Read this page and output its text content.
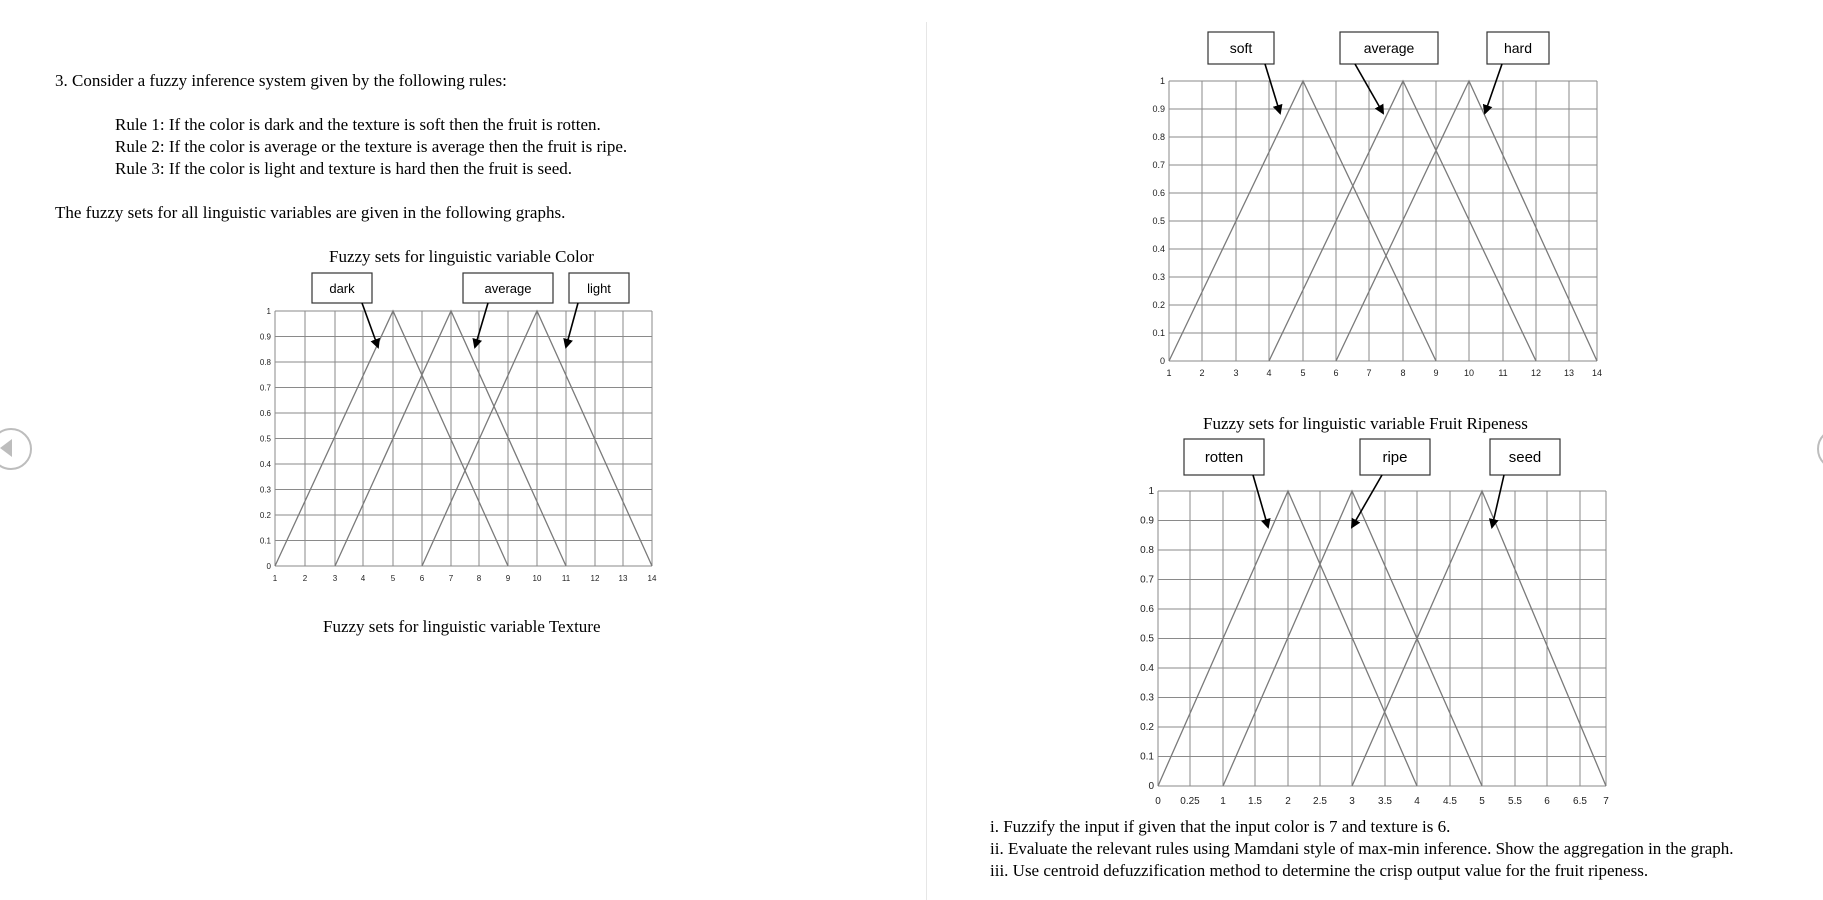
3. Consider a fuzzy inference system given by the following rules:
Rule 1: If the color is dark and the texture is soft then the fruit is rotten.
Rule 2: If the color is average or the texture is average then the fruit is ripe.
Rule 3: If the color is light and texture is hard then the fruit is seed.
The fuzzy sets for all linguistic variables are given in the following graphs.
Fuzzy sets for linguistic variable Color
Fuzzy sets for linguistic variable Texture
Fuzzy sets for linguistic variable Fruit Ripeness
i. Fuzzify the input if given that the input color is 7 and texture is 6.
ii. Evaluate the relevant rules using Mamdani style of max-min inference. Show the aggregation in the graph.
iii. Use centroid defuzzification method to determine the crisp output value for the fruit ripeness.
1	2	3	4	5	6	7	8	9	10	11	12 13	14
0
0.1
0.2
0.3
0.4
0.5
0.6
0.7
0.8
0.9
1
dark	average	light
1	2	3	4	5	6	7	8	9	10	11	12	13 14
0
0.1
0.2
0.3
0.4
0.5
0.6
0.7
0.8
0.9
1
soft	average	hard
0 0.25 1 1.5 2 2.5 3 3.5 4 4.5 5 5.5 6 6.5 7
0
0.1
0.2
0.3
0.4
0.5
0.6
0.7
0.8
0.9
1
rotten	ripe	seed
